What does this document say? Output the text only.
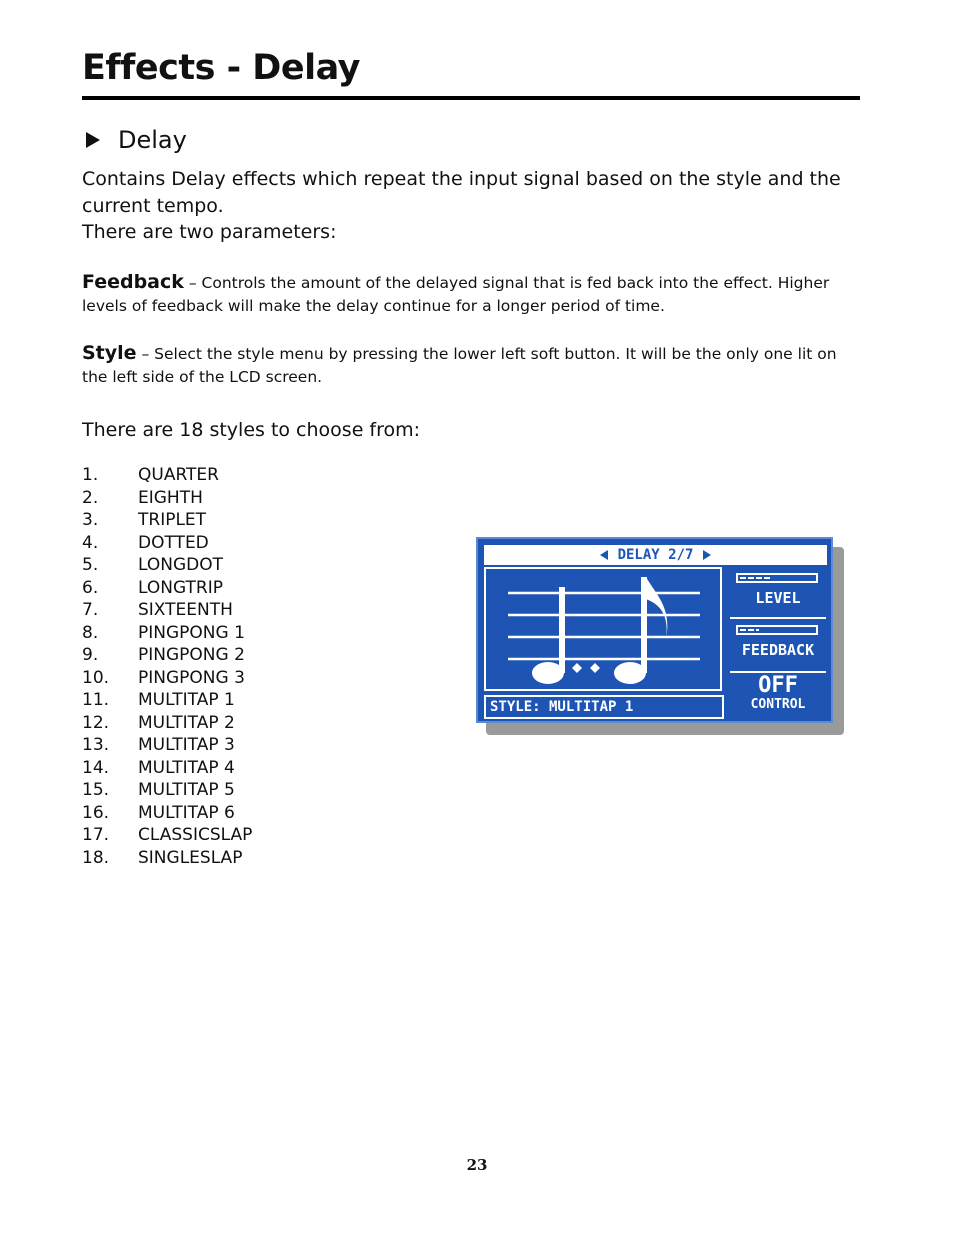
Effects - Delay
Delay

Contains Delay effects which repeat the input signal based on the style and the current tempo.

There are two parameters:

Feedback – Controls the amount of the delayed signal that is fed back into the effect. Higher levels of feedback will make the delay continue for a longer period of time.

Style – Select the style menu by pressing the lower left soft button. It will be the only one lit on the left side of the LCD screen.

There are 18 styles to choose from:

1.	QUARTER
2.	EIGHTH
3.	TRIPLET
4.	DOTTED
5.	LONGDOT
6.	LONGTRIP
7.	SIXTEENTH
8.	PINGPONG 1
9.	PINGPONG 2
10.	PINGPONG 3
11.	MULTITAP 1
12.	MULTITAP 2
13.	MULTITAP 3
14.	MULTITAP 4
15.	MULTITAP 5
16.	MULTITAP 6
17.	CLASSICSLAP
18.	SINGLESLAP
DELAY 2/7
STYLE: MULTITAP 1
LEVEL
FEEDBACK
OFF
CONTROL
23
